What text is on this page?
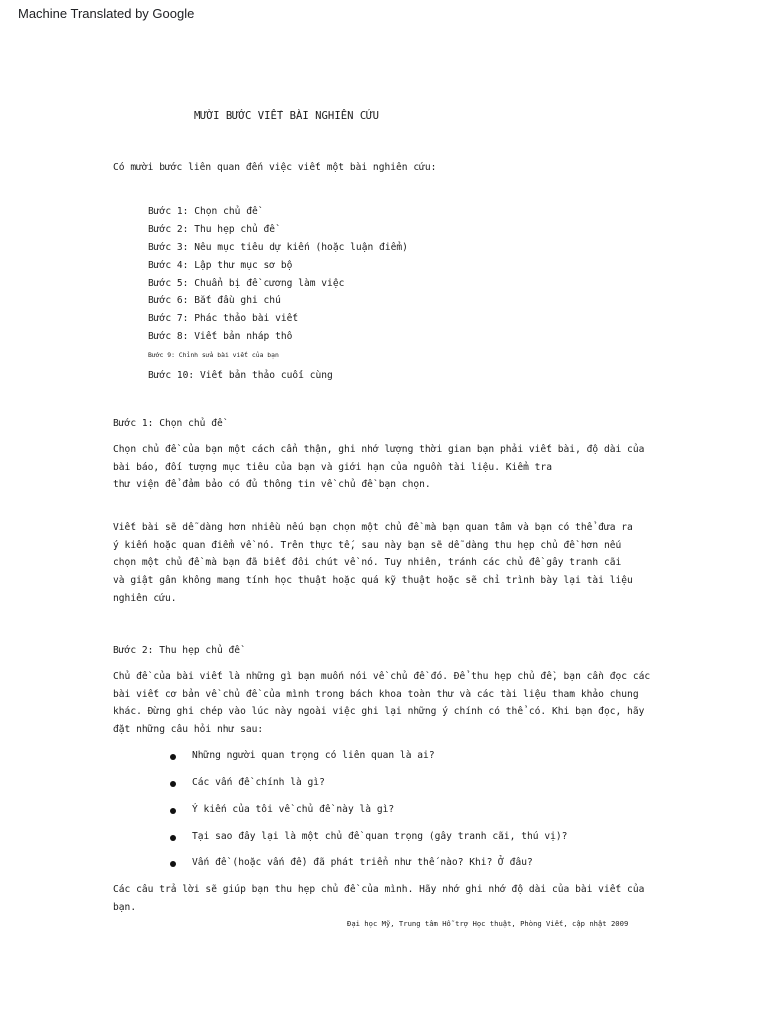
Machine Translated by Google
MƯỜI BƯỚC VIẾT BÀI NGHIÊN CỨU
Có mười bước liên quan đến việc viết một bài nghiên cứu:
Bước 1: Chọn chủ đề
Bước 2: Thu hẹp chủ đề
Bước 3: Nêu mục tiêu dự kiến (hoặc luận điểm)
Bước 4: Lập thư mục sơ bộ
Bước 5: Chuẩn bị đề cương làm việc
Bước 6: Bắt đầu ghi chú
Bước 7: Phác thảo bài viết
Bước 8: Viết bản nháp thô
Bước 9: Chỉnh sửa bài viết của bạn
Bước 10: Viết bản thảo cuối cùng
Bước 1: Chọn chủ đề
Chọn chủ đề của bạn một cách cẩn thận, ghi nhớ lượng thời gian bạn phải viết bài, độ dài của
bài báo, đối tượng mục tiêu của bạn và giới hạn của nguồn tài liệu. Kiểm tra
thư viện để đảm bảo có đủ thông tin về chủ đề bạn chọn.
Viết bài sẽ dễ dàng hơn nhiều nếu bạn chọn một chủ đề mà bạn quan tâm và bạn có thể đưa ra
ý kiến hoặc quan điểm về nó. Trên thực tế, sau này bạn sẽ dễ dàng thu hẹp chủ đề hơn nếu
chọn một chủ đề mà bạn đã biết đôi chút về nó. Tuy nhiên, tránh các chủ đề gây tranh cãi
và giật gân không mang tính học thuật hoặc quá kỹ thuật hoặc sẽ chỉ trình bày lại tài liệu
nghiên cứu.
Bước 2: Thu hẹp chủ đề
Chủ đề của bài viết là những gì bạn muốn nói về chủ đề đó. Để thu hẹp chủ đề, bạn cần đọc các
bài viết cơ bản về chủ đề của mình trong bách khoa toàn thư và các tài liệu tham khảo chung
khác. Đừng ghi chép vào lúc này ngoài việc ghi lại những ý chính có thể có. Khi bạn đọc, hãy
đặt những câu hỏi như sau:
Những người quan trọng có liên quan là ai?
Các vấn đề chính là gì?
Ý kiến của tôi về chủ đề này là gì?
Tại sao đây lại là một chủ đề quan trọng (gây tranh cãi, thú vị)?
Vấn đề (hoặc vấn đề) đã phát triển như thế nào? Khi? Ở đâu?
Các câu trả lời sẽ giúp bạn thu hẹp chủ đề của mình. Hãy nhớ ghi nhớ độ dài của bài viết của
bạn.
Đại học Mỹ, Trung tâm Hỗ trợ Học thuật, Phòng Viết, cập nhật 2009
